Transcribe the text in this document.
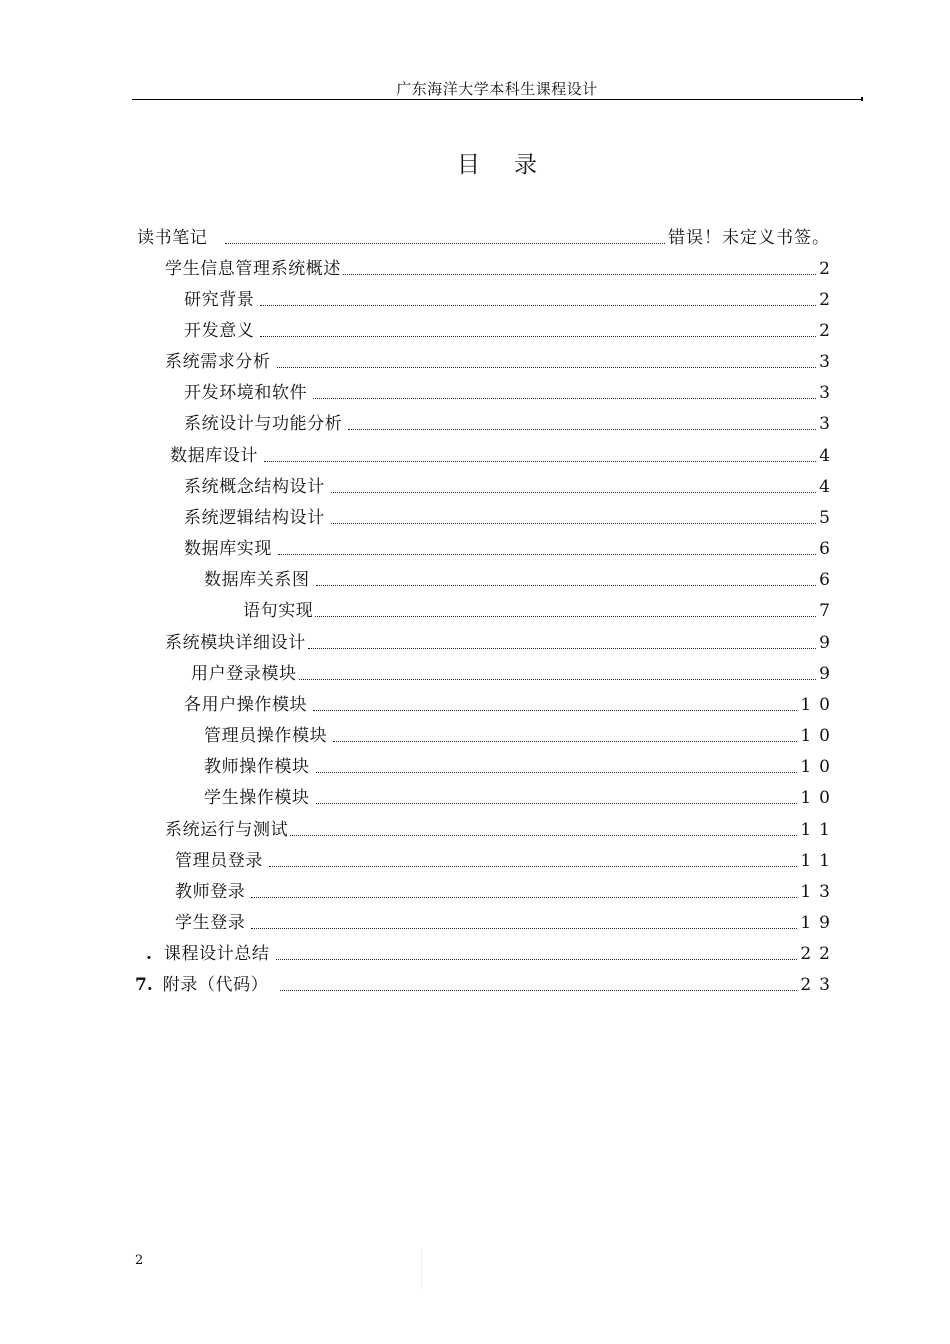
广东海洋大学本科生课程设计
目录
读书笔记	错误！未定义书签。
学生信息管理系统概述	2
研究背景	2
开发意义	2
系统需求分析	3
开发环境和软件	3
系统设计与功能分析	3
数据库设计	4
系统概念结构设计	4
系统逻辑结构设计	5
数据库实现	6
数据库关系图	6
语句实现	7
系统模块详细设计	9
用户登录模块	9
各用户操作模块	10
管理员操作模块	10
教师操作模块	10
学生操作模块	10
系统运行与测试	11
管理员登录	11
教师登录	13
学生登录	19
. 课程设计总结	22
7. 附录（代码）	23
2
